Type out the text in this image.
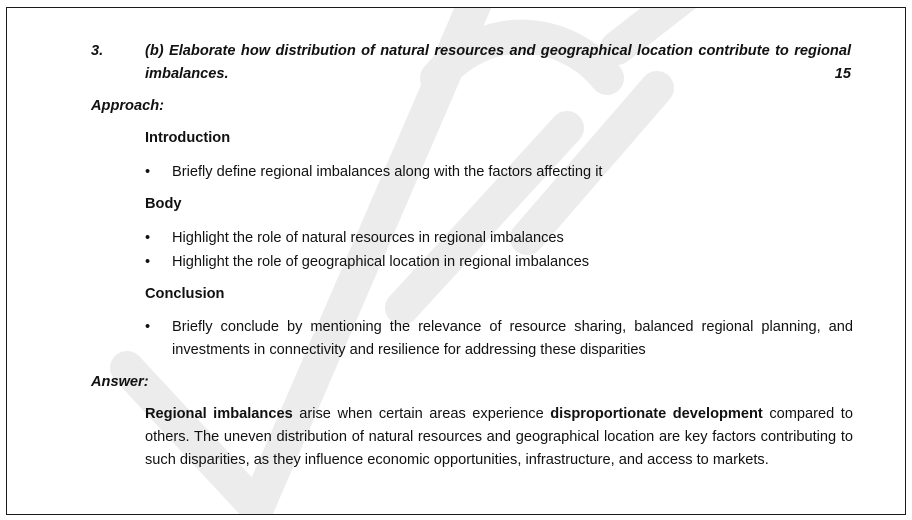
3.	(b) Elaborate how distribution of natural resources and geographical location contribute to regional imbalances.	15
Approach:
Introduction
•	Briefly define regional imbalances along with the factors affecting it
Body
•	Highlight the role of natural resources in regional imbalances
•	Highlight the role of geographical location in regional imbalances
Conclusion
•	Briefly conclude by mentioning the relevance of resource sharing, balanced regional planning, and investments in connectivity and resilience for addressing these disparities
Answer:
Regional imbalances arise when certain areas experience disproportionate development compared to others. The uneven distribution of natural resources and geographical location are key factors contributing to such disparities, as they influence economic opportunities, infrastructure, and access to markets.
